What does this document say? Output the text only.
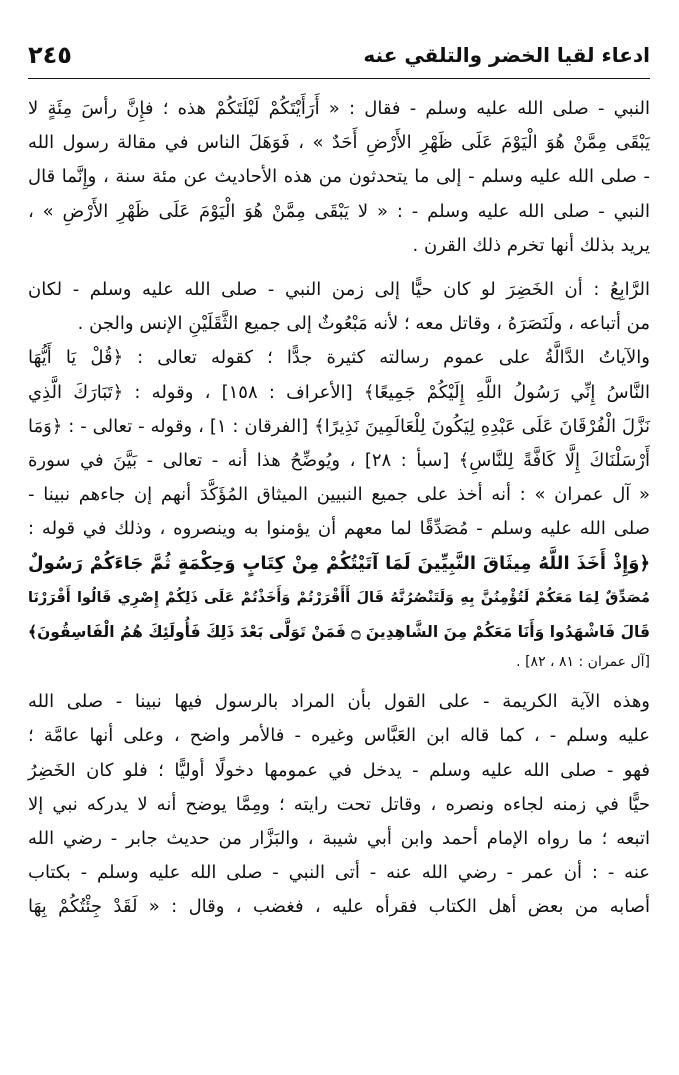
ادعاء لقيا الخضر والتلقي عنه
٢٤٥
النبي - صلى الله عليه وسلم - فقال : « أَرَأَيْتَكُمْ لَيْلَتَكُمْ هذه ؛ فإِنَّ رأسَ مِئَةٍ لا
يَبْقَى مِمَّنْ هُوَ الْيَوْمَ عَلَى ظَهْرِ الأَرْضِ أَحَدٌ » ، فَوَهَلَ الناس في مقالة رسول الله
- صلى الله عليه وسلم - إلى ما يتحدثون من هذه الأحاديث عن مئة سنة ، وإِنَّما قال
النبي - صلى الله عليه وسلم - : « لا يَبْقَى مِمَّنْ هُوَ الْيَوْمَ عَلَى ظَهْرِ الأَرْضِ » ،
يريد بذلك أنها تخرم ذلك القرن .
الرَّابِعُ : أن الخَضِرَ لو كان حيًّا إلى زمن النبي - صلى الله عليه وسلم - لكان
من أتباعه ، ولَنَصَرَهُ ، وقاتل معه ؛ لأنه مَبْعُوثٌ إلى جميع الثَّقَلَيْنِ الإنس والجن .
والآياتُ الدَّالَّةُ على عموم رسالته كثيرة جدًّا ؛ كقوله تعالى : ﴿قُلْ يَا أَيُّهَا
النَّاسُ إِنِّي رَسُولُ اللَّهِ إِلَيْكُمْ جَمِيعًا﴾ [الأعراف : ١٥٨] ، وقوله : ﴿تَبَارَكَ الَّذِي
نَزَّلَ الْفُرْقَانَ عَلَى عَبْدِهِ لِيَكُونَ لِلْعَالَمِينَ نَذِيرًا﴾ [الفرقان : ١] ، وقوله - تعالى - : ﴿وَمَا
أَرْسَلْنَاكَ إِلَّا كَافَّةً لِلنَّاسِ﴾ [سبأ : ٢٨] ، ويُوضِّحُ هذا أنه - تعالى - بَيَّنَ في سورة
« آل عمران » : أنه أخذ على جميع النبيين الميثاق المُؤَكَّدَ أنهم إن جاءهم نبينا -
صلى الله عليه وسلم - مُصَدِّقًا لما معهم أن يؤمنوا به وينصروه ، وذلك في قوله :
﴿وَإِذْ أَخَذَ اللَّهُ مِيثَاقَ النَّبِيِّينَ لَمَا آتَيْتُكُمْ مِنْ كِتَابٍ وَحِكْمَةٍ ثُمَّ جَاءَكُمْ رَسُولٌ
مُصَدِّقٌ لِمَا مَعَكُمْ لَتُؤْمِنُنَّ بِهِ وَلَتَنْصُرُنَّهُ قَالَ أَأَقْرَرْتُمْ وَأَخَذْتُمْ عَلَى ذَلِكُمْ إِصْرِي قَالُوا أَقْرَرْنَا
قَالَ فَاشْهَدُوا وَأَنَا مَعَكُمْ مِنَ الشَّاهِدِينَ ۝ فَمَنْ تَوَلَّى بَعْدَ ذَلِكَ فَأُولَئِكَ هُمُ الْفَاسِقُونَ﴾

[آل عمران : ٨١ ، ٨٢] .

وهذه الآية الكريمة - على القول بأن المراد بالرسول فيها نبينا - صلى الله
عليه وسلم - ، كما قاله ابن العَبَّاس وغيره - فالأمر واضح ، وعلى أنها عامَّة ؛
فهو - صلى الله عليه وسلم - يدخل في عمومها دخولًا أوليًّا ؛ فلو كان الخَضِرُ
حيًّا في زمنه لجاءه ونصره ، وقاتل تحت رايته ؛ ومِمَّا يوضح أنه لا يدركه نبي إلا
اتبعه ؛ ما رواه الإمام أحمد وابن أبي شيبة ، والبَزَّار من حديث جابر - رضي الله
عنه - : أن عمر - رضي الله عنه - أتى النبي - صلى الله عليه وسلم - بكتاب
أصابه من بعض أهل الكتاب فقرأه عليه ، فغضب ، وقال : « لَقَدْ جِئْتُكُمْ بِهَا
